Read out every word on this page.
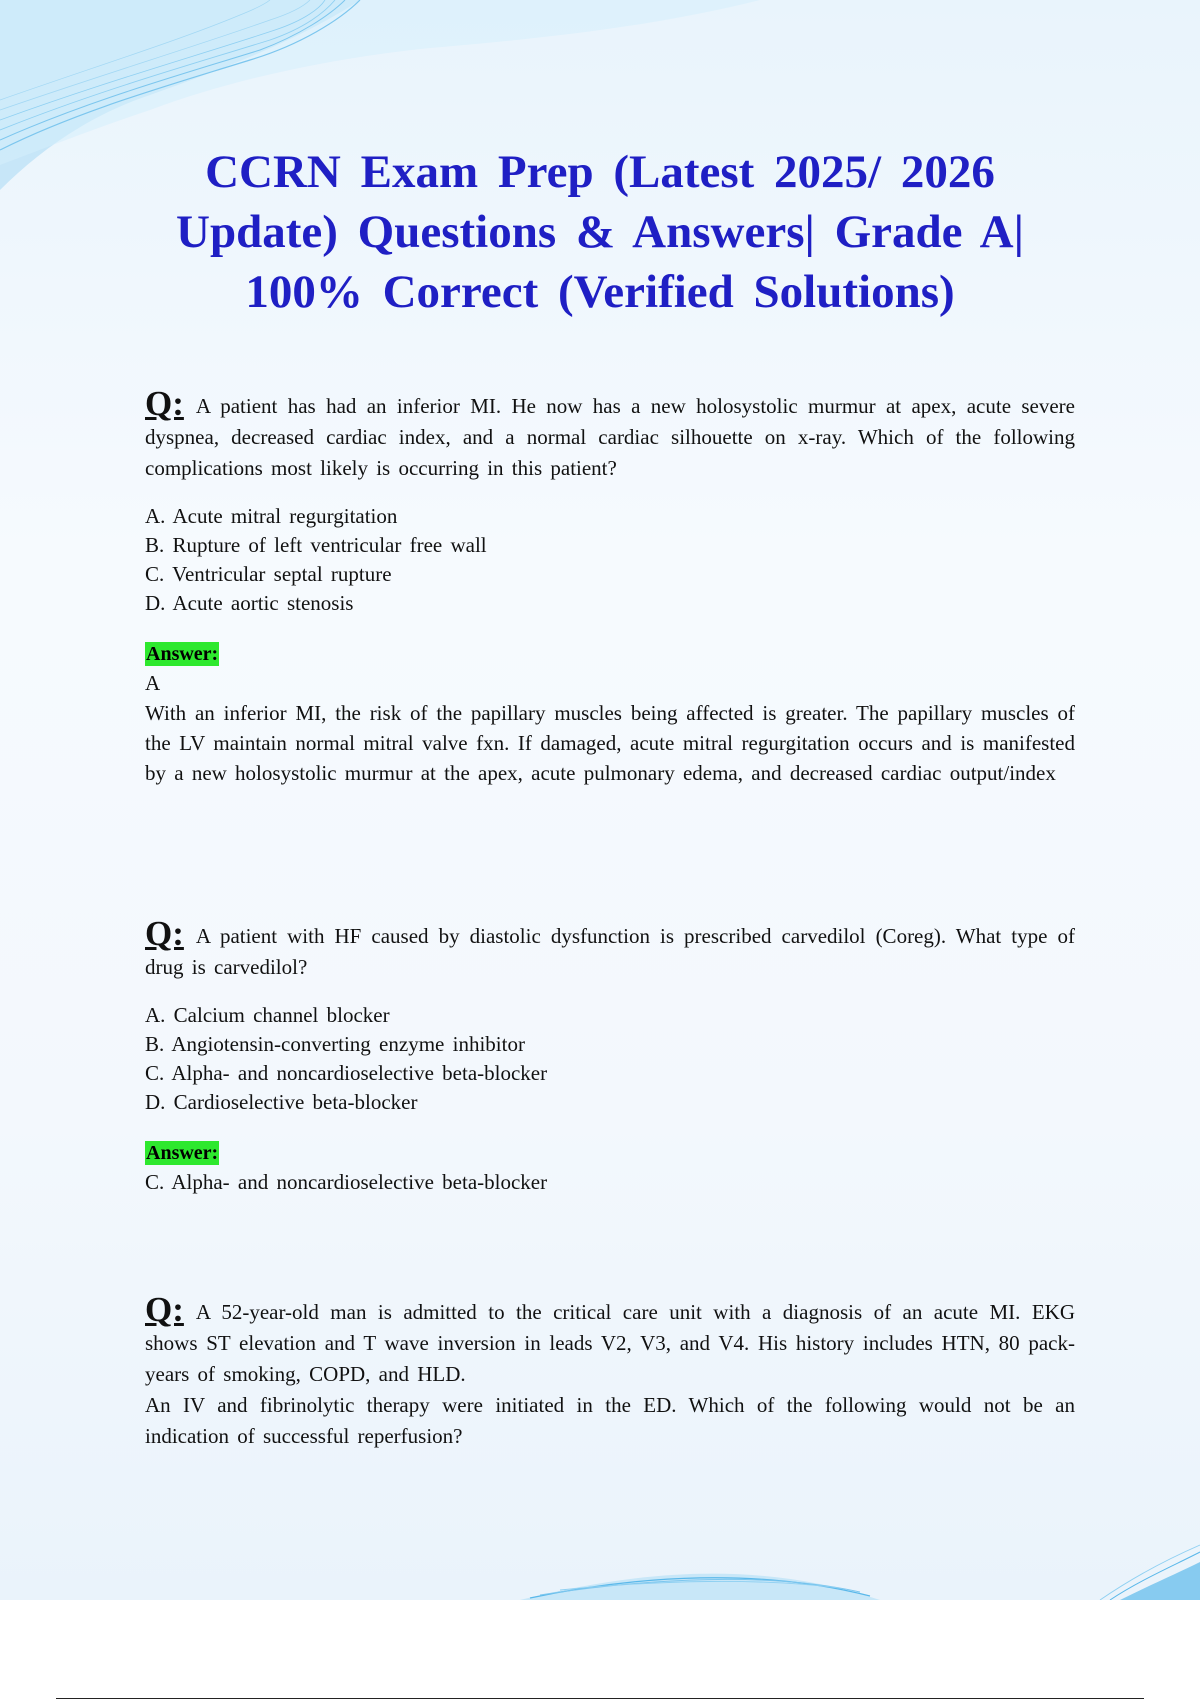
CCRN Exam Prep (Latest 2025/ 2026 Update) Questions & Answers| Grade A| 100% Correct (Verified Solutions)

Q: A patient has had an inferior MI. He now has a new holosystolic murmur at apex, acute severe dyspnea, decreased cardiac index, and a normal cardiac silhouette on x-ray. Which of the following complications most likely is occurring in this patient?

A. Acute mitral regurgitation
B. Rupture of left ventricular free wall
C. Ventricular septal rupture
D. Acute aortic stenosis
Answer:

A

With an inferior MI, the risk of the papillary muscles being affected is greater. The papillary muscles of the LV maintain normal mitral valve fxn. If damaged, acute mitral regurgitation occurs and is manifested by a new holosystolic murmur at the apex, acute pulmonary edema, and decreased cardiac output/index

Q: A patient with HF caused by diastolic dysfunction is prescribed carvedilol (Coreg). What type of drug is carvedilol?

A. Calcium channel blocker
B. Angiotensin-converting enzyme inhibitor
C. Alpha- and noncardioselective beta-blocker
D. Cardioselective beta-blocker
Answer:

C. Alpha- and noncardioselective beta-blocker

Q: A 52-year-old man is admitted to the critical care unit with a diagnosis of an acute MI. EKG shows ST elevation and T wave inversion in leads V2, V3, and V4. His history includes HTN, 80 pack-years of smoking, COPD, and HLD.

An IV and fibrinolytic therapy were initiated in the ED. Which of the following would not be an indication of successful reperfusion?
